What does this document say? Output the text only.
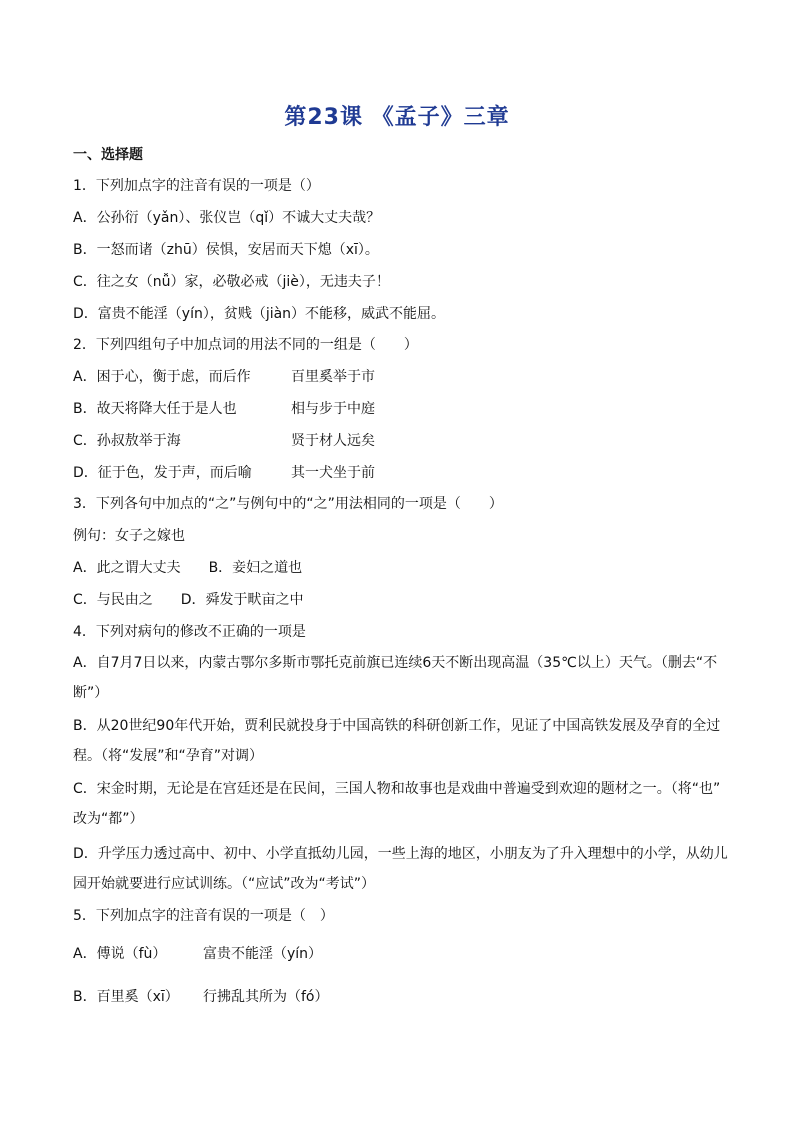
第23课 《孟子》三章
一、选择题
1．下列加点字的注音有误的一项是（）
A．公孙衍（yǎn）、张仪岂（qǐ）不诚大丈夫哉？
B．一怒而诸（zhū）侯惧，安居而天下熄（xī）。
C．往之女（nǚ）家，必敬必戒（jiè），无违夫子！
D．富贵不能淫（yín），贫贱（jiàn）不能移，威武不能屈。
2．下列四组句子中加点词的用法不同的一组是（　　）
A．困于心，衡于虑，而后作	百里奚举于市
B．故天将降大任于是人也	相与步于中庭
C．孙叔敖举于海	贤于材人远矣
D．征于色，发于声，而后喻	其一犬坐于前
3．下列各句中加点的“之”与例句中的“之”用法相同的一项是（　　）
例句：女子之嫁也
A．此之谓大丈夫　　B．妾妇之道也
C．与民由之　　D．舜发于畎亩之中
4．下列对病句的修改不正确的一项是
A．自7月7日以来，内蒙古鄂尔多斯市鄂托克前旗已连续6天不断出现高温（35℃以上）天气。（删去“不
断”）
B．从20世纪90年代开始，贾利民就投身于中国高铁的科研创新工作，见证了中国高铁发展及孕育的全过
程。（将“发展”和“孕育”对调）
C．宋金时期，无论是在宫廷还是在民间，三国人物和故事也是戏曲中普遍受到欢迎的题材之一。（将“也”
改为“都”）
D．升学压力透过高中、初中、小学直抵幼儿园，一些上海的地区，小朋友为了升入理想中的小学，从幼儿
园开始就要进行应试训练。（“应试”改为“考试”）
5．下列加点字的注音有误的一项是（　）
A．傅说（fù）	富贵不能淫（yín）
B．百里奚（xī） 行拂乱其所为（fó）
